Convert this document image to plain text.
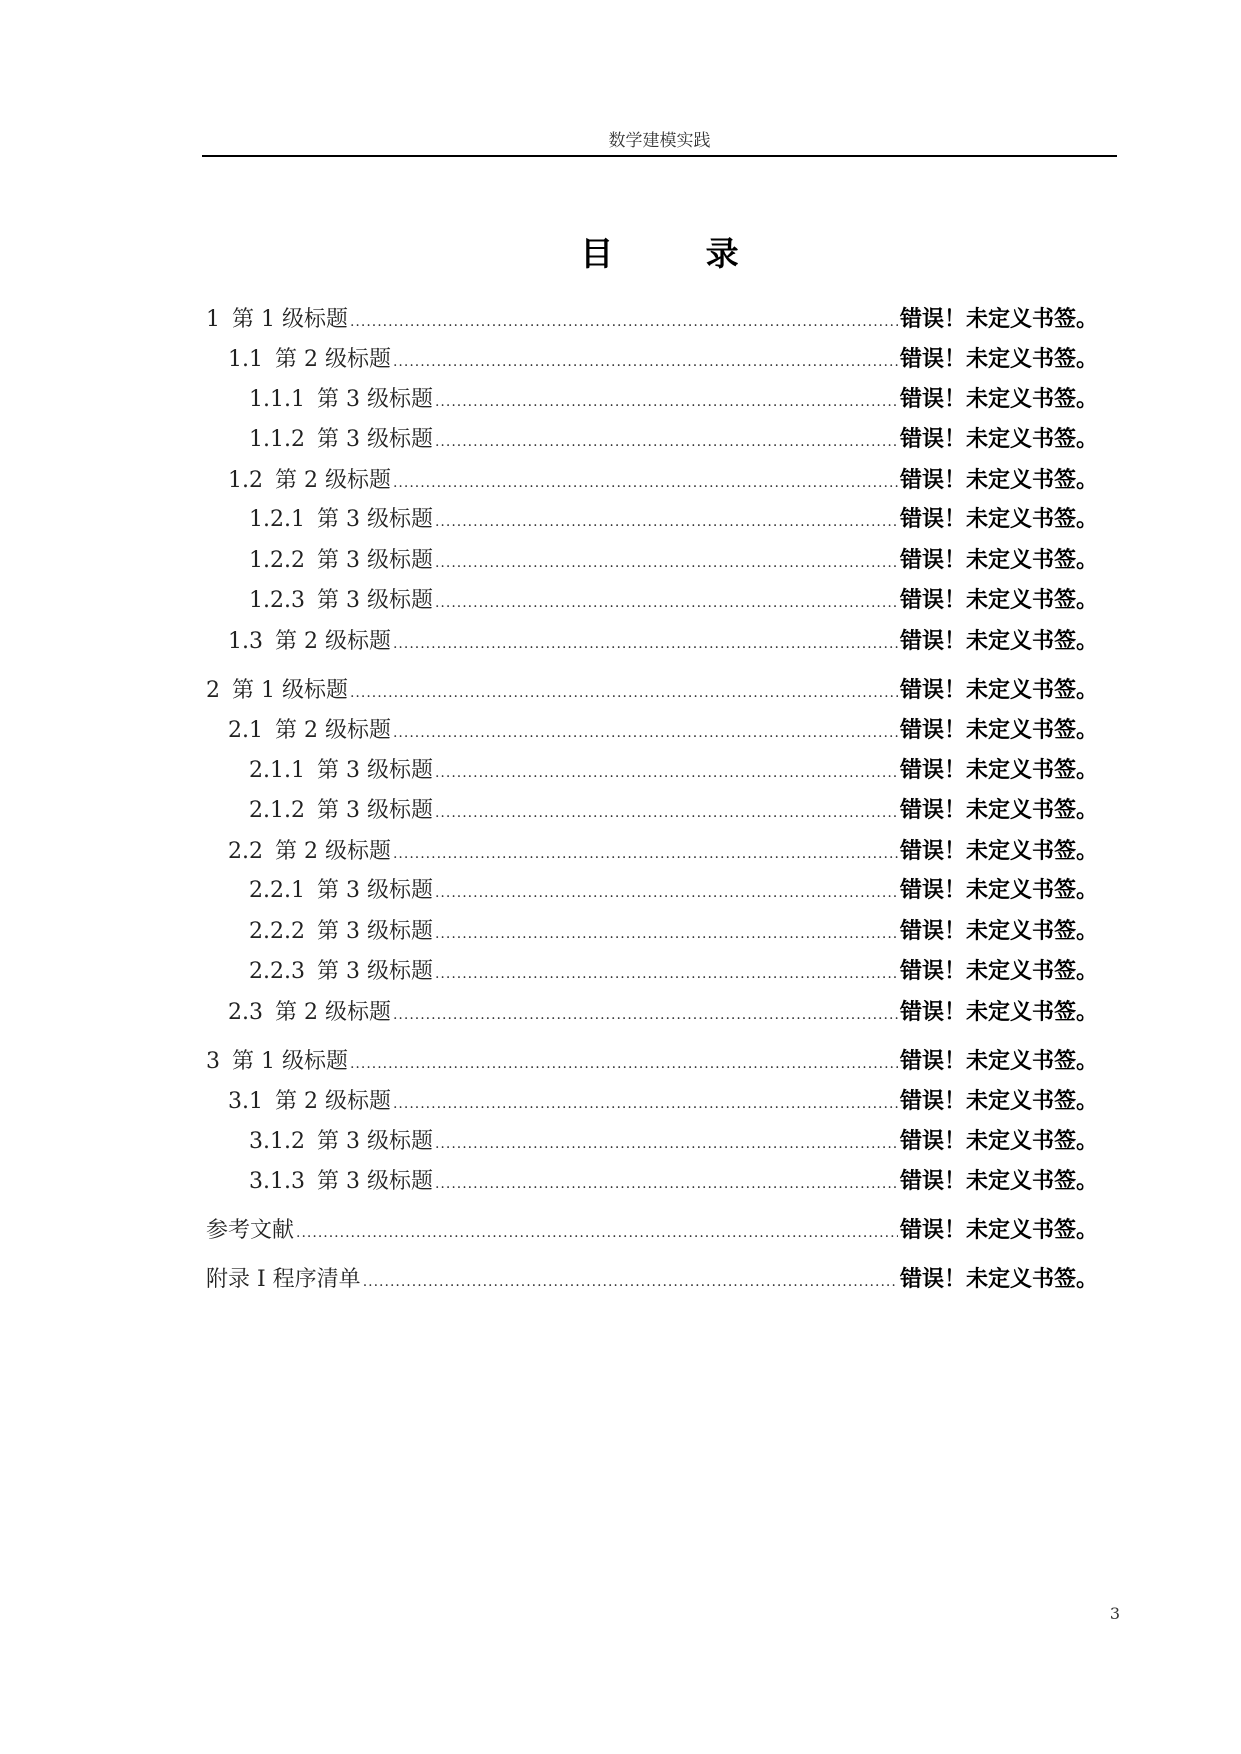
数学建模实践
目　录
1 第 1 级标题 .....	错误！未定义书签。
1.1 第 2 级标题 .....	错误！未定义书签。
1.1.1 第 3 级标题 .....	错误！未定义书签。
1.1.2 第 3 级标题 .....	错误！未定义书签。
1.2 第 2 级标题 .....	错误！未定义书签。
1.2.1 第 3 级标题 .....	错误！未定义书签。
1.2.2 第 3 级标题 .....	错误！未定义书签。
1.2.3 第 3 级标题 .....	错误！未定义书签。
1.3 第 2 级标题 .....	错误！未定义书签。
2 第 1 级标题 .....	错误！未定义书签。
2.1 第 2 级标题 .....	错误！未定义书签。
2.1.1 第 3 级标题 .....	错误！未定义书签。
2.1.2 第 3 级标题 .....	错误！未定义书签。
2.2 第 2 级标题 .....	错误！未定义书签。
2.2.1 第 3 级标题 .....	错误！未定义书签。
2.2.2 第 3 级标题 .....	错误！未定义书签。
2.2.3 第 3 级标题 .....	错误！未定义书签。
2.3 第 2 级标题 .....	错误！未定义书签。
3 第 1 级标题 .....	错误！未定义书签。
3.1 第 2 级标题 .....	错误！未定义书签。
3.1.2 第 3 级标题 .....	错误！未定义书签。
3.1.3 第 3 级标题 .....	错误！未定义书签。
参考文献 .....	错误！未定义书签。
附录 I 程序清单 .....	错误！未定义书签。
3
